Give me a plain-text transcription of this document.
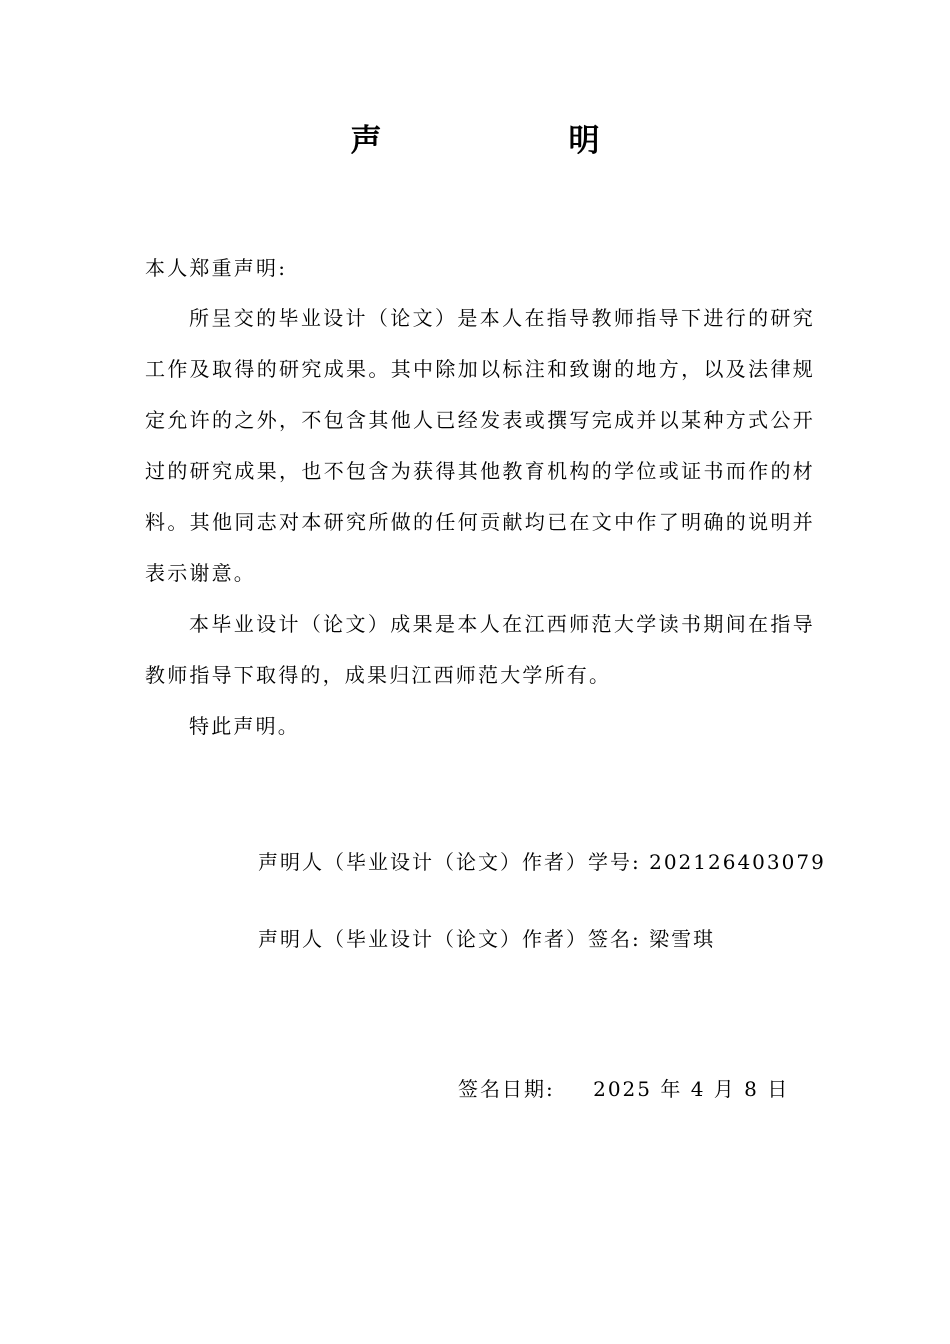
声　明
本人郑重声明:

所呈交的毕业设计（论文）是本人在指导教师指导下进行的研究工作及取得的研究成果。其中除加以标注和致谢的地方，以及法律规定允许的之外，不包含其他人已经发表或撰写完成并以某种方式公开过的研究成果，也不包含为获得其他教育机构的学位或证书而作的材料。其他同志对本研究所做的任何贡献均已在文中作了明确的说明并表示谢意。

本毕业设计（论文）成果是本人在江西师范大学读书期间在指导教师指导下取得的，成果归江西师范大学所有。

特此声明。

声明人（毕业设计（论文）作者）学号: 202126403079
声明人（毕业设计（论文）作者）签名: 梁雪琪
签名日期: 2025 年 4 月 8 日
